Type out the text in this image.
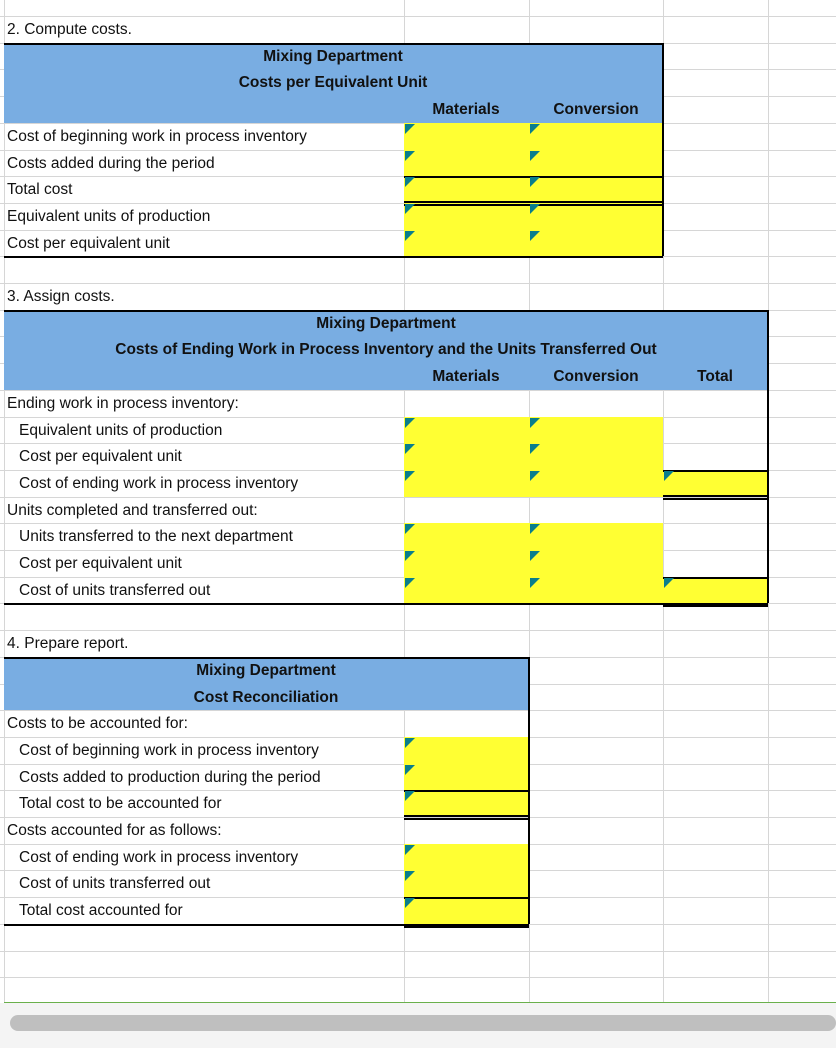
2. Compute costs.
Mixing Department
Costs per Equivalent Unit
Materials	Conversion
Cost of beginning work in process inventory
Costs added during the period
Total cost
Equivalent units of production
Cost per equivalent unit
3. Assign costs.
Mixing Department
Costs of Ending Work in Process Inventory and the Units Transferred Out
Materials	Conversion	Total
Ending work in process inventory:
Equivalent units of production
Cost per equivalent unit
Cost of ending work in process inventory
Units completed and transferred out:
Units transferred to the next department
Cost per equivalent unit
Cost of units transferred out
4. Prepare report.
Mixing Department
Cost Reconciliation
Costs to be accounted for:
Cost of beginning work in process inventory
Costs added to production during the period
Total cost to be accounted for
Costs accounted for as follows:
Cost of ending work in process inventory
Cost of units transferred out
Total cost accounted for
